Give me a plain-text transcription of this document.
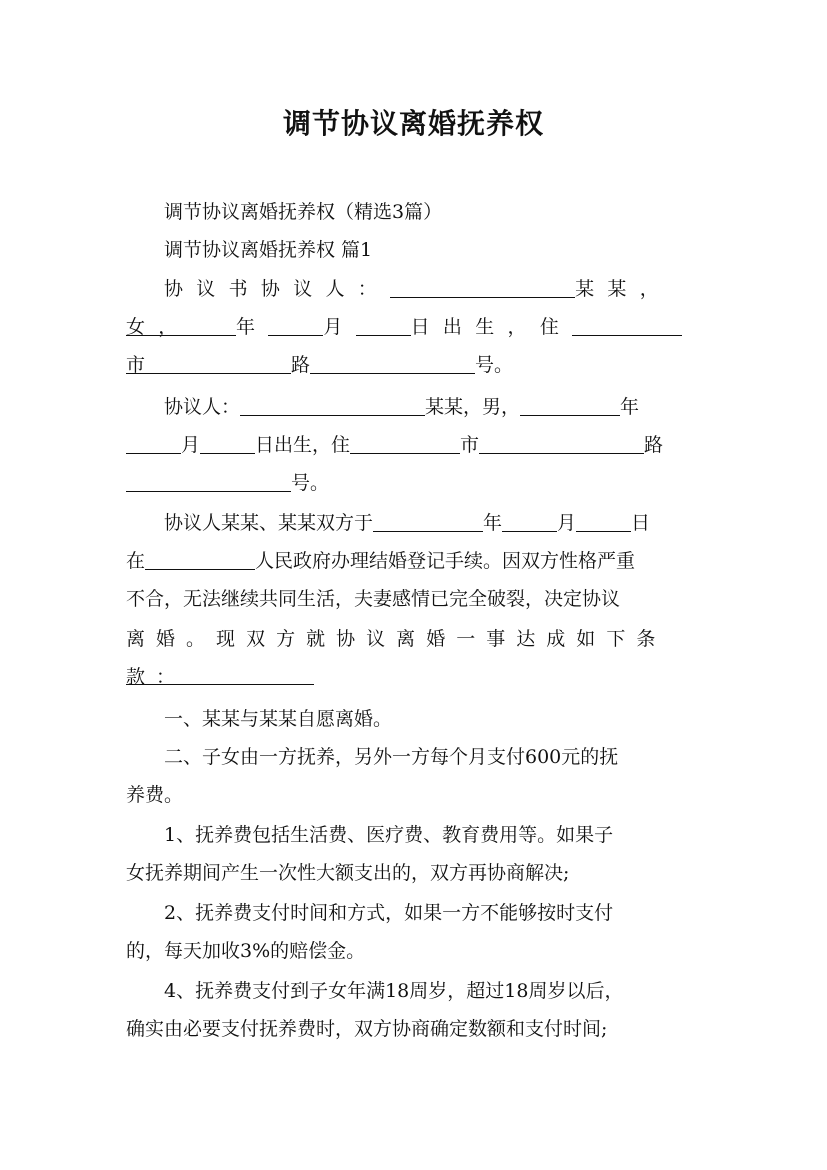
调节协议离婚抚养权

调节协议离婚抚养权（精选3篇）

调节协议离婚抚养权 篇1

协议书协议人：	某某，女，	年	月	日出生，住市	路	号。
协议人：	某某，男，	年
月	日出生，住	市	路
号。
协议人某某、某某双方于	年	月	日
在	人民政府办理结婚登记手续。因双方性格严重

不合，无法继续共同生活，夫妻感情已完全破裂，决定协议

离婚。现双方就协议离婚一事达成如下条款：

一、某某与某某自愿离婚。

二、子女由一方抚养，另外一方每个月支付600元的抚

养费。

1、抚养费包括生活费、医疗费、教育费用等。如果子

女抚养期间产生一次性大额支出的，双方再协商解决;

2、抚养费支付时间和方式，如果一方不能够按时支付

的，每天加收3%的赔偿金。

4、抚养费支付到子女年满18周岁，超过18周岁以后，

确实由必要支付抚养费时，双方协商确定数额和支付时间;
